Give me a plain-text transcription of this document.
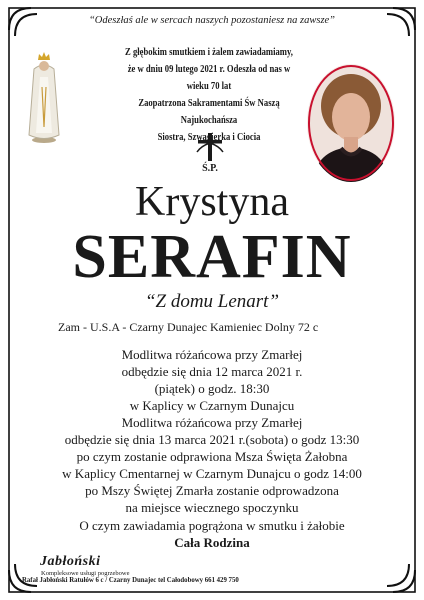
“Odeszłaś ale w sercach naszych pozostaniesz na zawsze”
Ś.P.
Z głębokim smutkiem i żalem zawiadamiamy,
że w dniu 09 lutego 2021 r. Odeszła od nas w wieku 70 lat
Zaopatrzona Sakramentami Św Naszą Najukochańsza
Siostra, Szwagierka i Ciocia
Krystyna
SERAFIN
“Z domu Lenart”
Zam - U.S.A - Czarny Dunajec Kamieniec Dolny 72 c
Modlitwa różańcowa przy Zmarłej
odbędzie się dnia 12 marca 2021 r.
(piątek) o godz. 18:30
w Kaplicy w Czarnym Dunajcu
Modlitwa różańcowa przy Zmarłej
odbędzie się dnia 13 marca 2021 r.(sobota) o godz 13:30
po czym zostanie odprawiona Msza Święta Żałobna
w Kaplicy Cmentarnej w Czarnym Dunajcu o godz 14:00
po Mszy Świętej Zmarła zostanie odprowadzona
na miejsce wiecznego spoczynku
O czym zawiadamia pogrążona w smutku i żałobie
Cała Rodzina
Jabłoński
Kompleksowe usługi pogrzebowe
Rafał Jabłoński Ratułów 6 c / Czarny Dunajec tel Całodobowy 661 429 750
